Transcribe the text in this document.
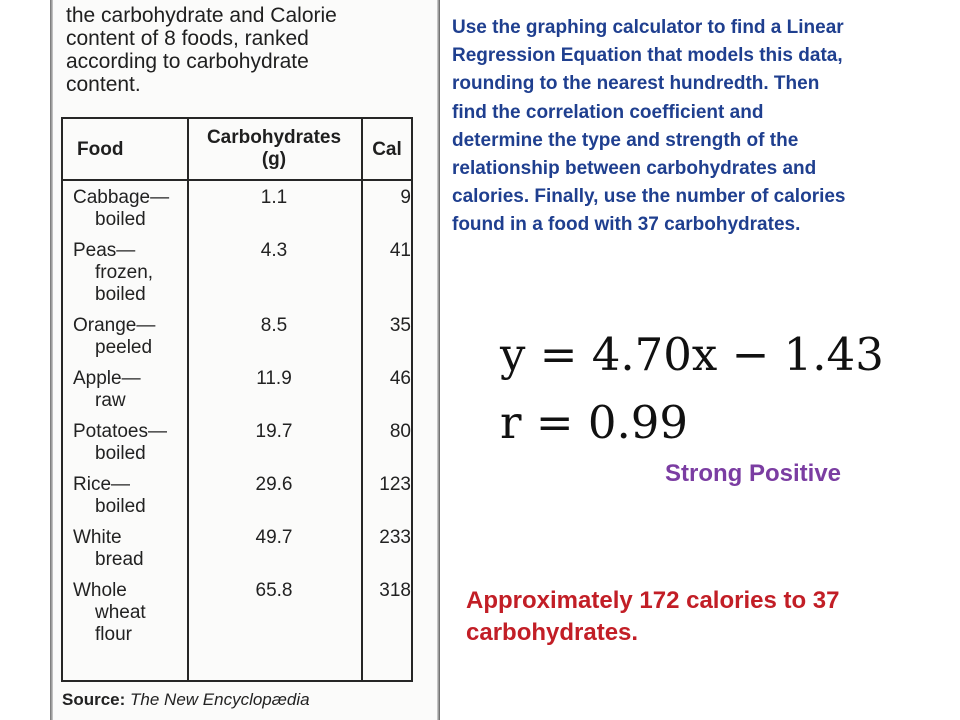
the carbohydrate and Calorie
content of 8 foods, ranked
according to carbohydrate
content.

Food
Carbohydrates
(g)	Cal
Cabbage—
boiled
1.1	9
Peas—
frozen,
boiled
4.3	41
Orange—
peeled
8.5	35
Apple—
raw
11.9	46
Potatoes—
boiled
19.7	80
Rice—
boiled
29.6	123
White
bread
49.7	233
Whole
wheat
flour
65.8	318
Source: The New Encyclopædia

Use the graphing calculator to find a Linear
Regression Equation that models this data,
rounding to the nearest hundredth. Then
find the correlation coefficient and
determine the type and strength of the
relationship between carbohydrates and
calories. Finally, use the number of calories
found in a food with 37 carbohydrates.

y = 4.70x − 1.43
r = 0.99
Strong Positive

Approximately 172 calories to 37
carbohydrates.
